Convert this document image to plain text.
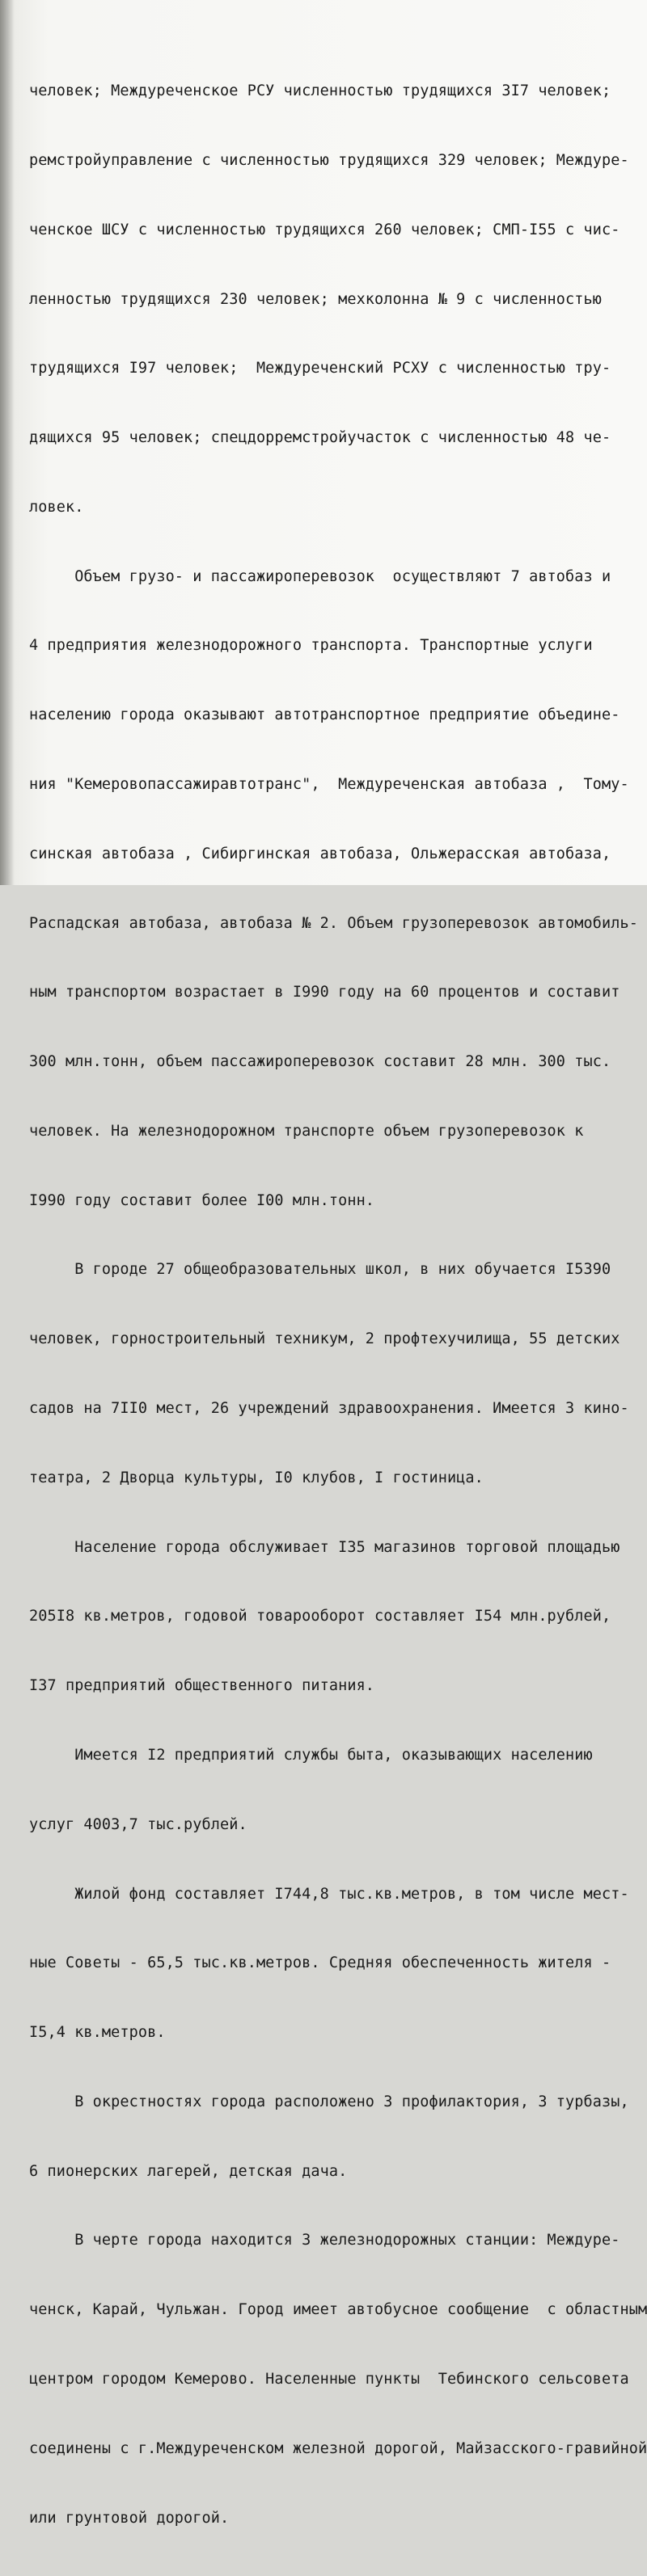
человек; Междуреченское РСУ численностью трудящихся 3I7 человек;

ремстройуправление с численностью трудящихся 329 человек; Междуре-

ченское ШСУ с численностью трудящихся 260 человек; СМП-I55 с чис-

ленностью трудящихся 230 человек; мехколонна № 9 с численностью

трудящихся I97 человек;  Междуреченский РСХУ с численностью тру-

дящихся 95 человек; спецдорремстройучасток с численностью 48 че-

ловек.

Объем грузо- и пассажироперевозок  осуществляют 7 автобаз и

4 предприятия железнодорожного транспорта. Транспортные услуги

населению города оказывают автотранспортное предприятие объедине-

ния "Кемеровопассажиравтотранс",  Междуреченская автобаза ,  Тому-

синская автобаза , Сибиргинская автобаза, Ольжерасская автобаза,

Распадская автобаза, автобаза № 2. Объем грузоперевозок автомобиль-

ным транспортом возрастает в I990 году на 60 процентов и составит

300 млн.тонн, объем пассажироперевозок составит 28 млн. 300 тыс.

человек. На железнодорожном транспорте объем грузоперевозок к

I990 году составит более I00 млн.тонн.

В городе 27 общеобразовательных школ, в них обучается I5390

человек, горностроительный техникум, 2 профтехучилища, 55 детских

садов на 7II0 мест, 26 учреждений здравоохранения. Имеется 3 кино-

театра, 2 Дворца культуры, I0 клубов, I гостиница.

Население города обслуживает I35 магазинов торговой площадью

205I8 кв.метров, годовой товарооборот составляет I54 млн.рублей,

I37 предприятий общественного питания.

Имеется I2 предприятий службы быта, оказывающих населению

услуг 4003,7 тыс.рублей.

Жилой фонд составляет I744,8 тыс.кв.метров, в том числе мест-

ные Советы - 65,5 тыс.кв.метров. Средняя обеспеченность жителя -

I5,4 кв.метров.

В окрестностях города расположено 3 профилактория, 3 турбазы,

6 пионерских лагерей, детская дача.

В черте города находится 3 железнодорожных станции: Междуре-

ченск, Карай, Чульжан. Город имеет автобусное сообщение  с областным

центром городом Кемерово. Населенные пункты  Тебинского сельсовета

соединены с г.Междуреченском железной дорогой, Майзасского-гравийной

или грунтовой дорогой.
